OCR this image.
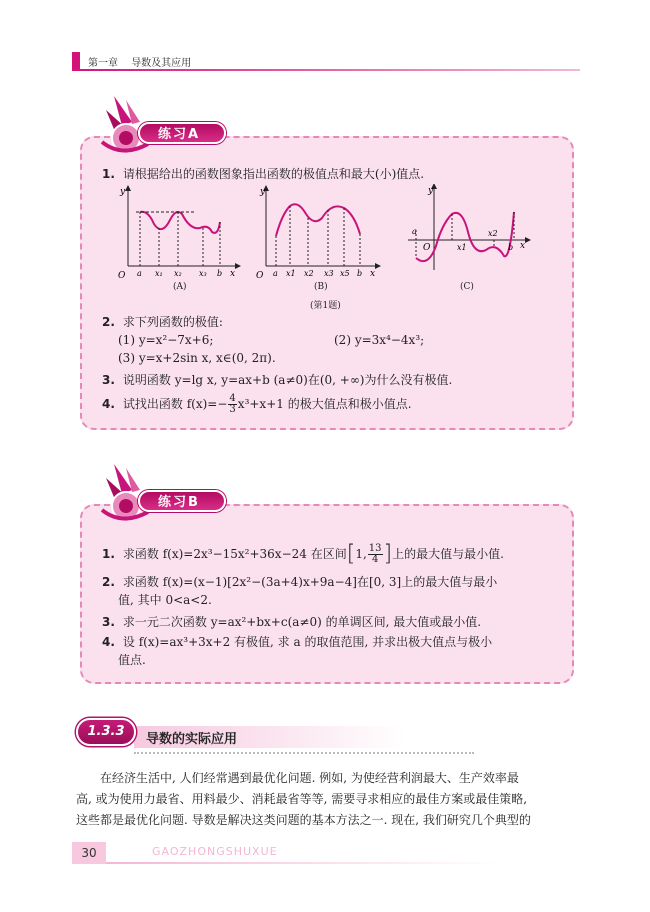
第一章 导数及其应用
练习A
1. 请根据给出的函数图象指出函数的极值点和最大(小)值点.
O
y
x
a x₁ x₂ x₃ b
(A)
O
y
x
a x1 x2 x3 x5 b
(B)
O
y
x
a
x1
x2
b
(C)
(第1题)
2. 求下列函数的极值:
(1) y=x²−7x+6;	(2) y=3x⁴−4x³;
(3) y=x+2sin x, x∈(0, 2π).
3. 说明函数 y=lg x, y=ax+b (a≠0)在(0, +∞)为什么没有极值.
4. 试找出函数 $f(x)=- \frac{4}{3} x^3+x+1$ 的极大值点和极小值点.
练习B
1. 求函数 f(x)=2x³−15x²+36x−24 在区间[1, $\frac{13}{4}$ ]上的最大值与最小值.
2. 求函数 f(x)=(x−1)[2x²−(3a+4)x+9a−4]在[0, 3]上的最大值与最小
值, 其中 0<a<2.
3. 求一元二次函数 y=ax²+bx+c(a≠0) 的单调区间, 最大值或最小值.
4. 设 f(x)=ax³+3x+2 有极值, 求 a 的取值范围, 并求出极大值点与极小
值点.
1.3.3
导数的实际应用
在经济生活中, 人们经常遇到最优化问题. 例如, 为使经营利润最大、生产效率最
高, 或为使用力最省、用料最少、消耗最省等等, 需要寻求相应的最佳方案或最佳策略,
这些都是最优化问题. 导数是解决这类问题的基本方法之一. 现在, 我们研究几个典型的
30	GAOZHONGSHUXUE
